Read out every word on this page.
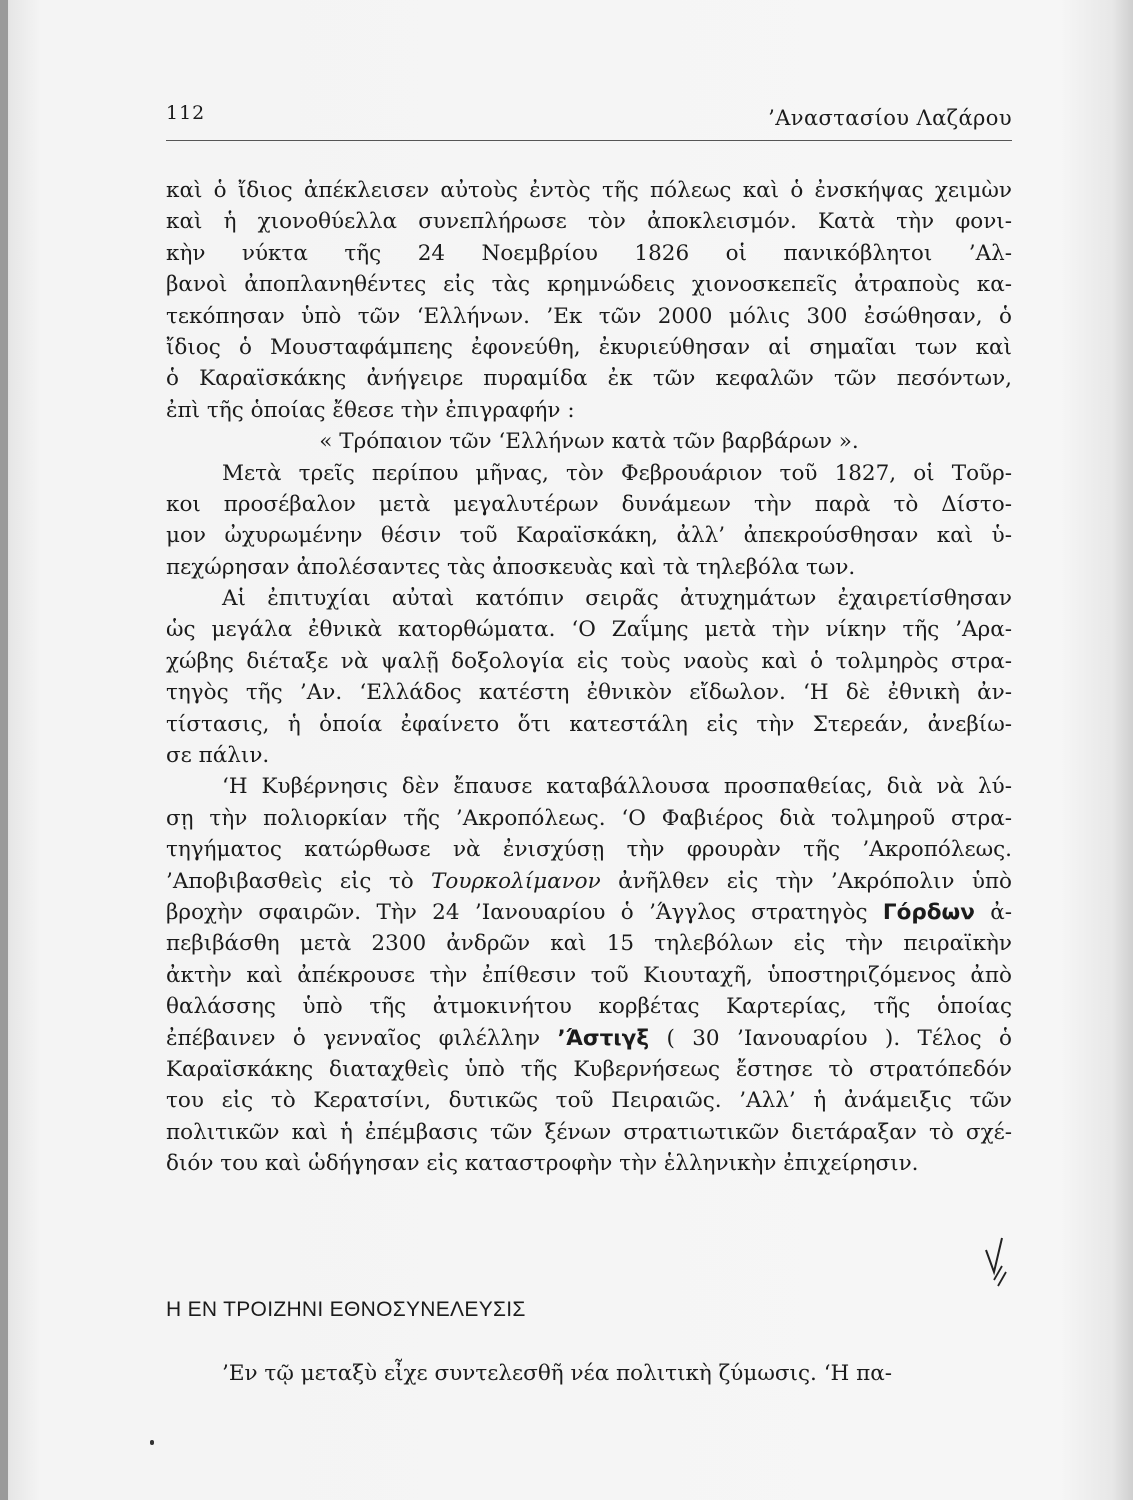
112	’Αναστασίου Λαζάρου
καὶ ὁ ἴδιος ἀπέκλεισεν αὐτοὺς ἐντὸς τῆς πόλεως καὶ ὁ ἐνσκήψας χειμὼν
καὶ ἡ χιονοθύελλα συνεπλήρωσε τὸν ἀποκλεισμόν. Κατὰ τὴν φονι-
κὴν νύκτα τῆς 24 Νοεμβρίου 1826 οἱ πανικόβλητοι ’Αλ-
βανοὶ ἀποπλανηθέντες εἰς τὰς κρημνώδεις χιονοσκεπεῖς ἀτραποὺς κα-
τεκόπησαν ὑπὸ τῶν ‘Ελλήνων. ’Εκ τῶν 2000 μόλις 300 ἐσώθησαν, ὁ
ἴδιος ὁ Μουσταφάμπεης ἐφονεύθη, ἐκυριεύθησαν αἱ σημαῖαι των καὶ
ὁ Καραϊσκάκης ἀνήγειρε πυραμίδα ἐκ τῶν κεφαλῶν τῶν πεσόντων,
ἐπὶ τῆς ὁποίας ἔθεσε τὴν ἐπιγραφήν :
« Τρόπαιον τῶν ‘Ελλήνων κατὰ τῶν βαρβάρων ».
Μετὰ τρεῖς περίπου μῆνας, τὸν Φεβρουάριον τοῦ 1827, οἱ Τοῦρ-
κοι προσέβαλον μετὰ μεγαλυτέρων δυνάμεων τὴν παρὰ τὸ Δίστο-
μον ὠχυρωμένην θέσιν τοῦ Καραϊσκάκη, ἀλλ’ ἀπεκρούσθησαν καὶ ὑ-
πεχώρησαν ἀπολέσαντες τὰς ἀποσκευὰς καὶ τὰ τηλεβόλα των.
Αἱ ἐπιτυχίαι αὐταὶ κατόπιν σειρᾶς ἀτυχημάτων ἐχαιρετίσθησαν
ὡς μεγάλα ἐθνικὰ κατορθώματα. ‘Ο Ζαΐμης μετὰ τὴν νίκην τῆς ’Αρα-
χώβης διέταξε νὰ ψαλῇ δοξολογία εἰς τοὺς ναοὺς καὶ ὁ τολμηρὸς στρα-
τηγὸς τῆς ’Αν. ‘Ελλάδος κατέστη ἐθνικὸν εἴδωλον. ‘Η δὲ ἐθνικὴ ἀν-
τίστασις, ἡ ὁποία ἐφαίνετο ὅτι κατεστάλη εἰς τὴν Στερεάν, ἀνεβίω-
σε πάλιν.
‘Η Κυβέρνησις δὲν ἔπαυσε καταβάλλουσα προσπαθείας, διὰ νὰ λύ-
σῃ τὴν πολιορκίαν τῆς ’Ακροπόλεως. ‘Ο Φαβιέρος διὰ τολμηροῦ στρα-
τηγήματος κατώρθωσε νὰ ἐνισχύσῃ τὴν φρουρὰν τῆς ’Ακροπόλεως.
’Αποβιβασθεὶς εἰς τὸ Τουρκολίμανον ἀνῆλθεν εἰς τὴν ’Ακρόπολιν ὑπὸ
βροχὴν σφαιρῶν. Τὴν 24 ’Ιανουαρίου ὁ ’Άγγλος στρατηγὸς Γόρδων ἀ-
πεβιβάσθη μετὰ 2300 ἀνδρῶν καὶ 15 τηλεβόλων εἰς τὴν πειραϊκὴν
ἀκτὴν καὶ ἀπέκρουσε τὴν ἐπίθεσιν τοῦ Κιουταχῆ, ὑποστηριζόμενος ἀπὸ
θαλάσσης ὑπὸ τῆς ἀτμοκινήτου κορβέτας Καρτερίας, τῆς ὁποίας
ἐπέβαινεν ὁ γενναῖος φιλέλλην ’Άστιγξ ( 30 ’Ιανουαρίου ). Τέλος ὁ
Καραϊσκάκης διαταχθεὶς ὑπὸ τῆς Κυβερνήσεως ἔστησε τὸ στρατόπεδόν
του εἰς τὸ Κερατσίνι, δυτικῶς τοῦ Πειραιῶς. ’Αλλ’ ἡ ἀνάμειξις τῶν
πολιτικῶν καὶ ἡ ἐπέμβασις τῶν ξένων στρατιωτικῶν διετάραξαν τὸ σχέ-
διόν του καὶ ὡδήγησαν εἰς καταστροφὴν τὴν ἑλληνικὴν ἐπιχείρησιν.
Η ΕΝ ΤΡΟΙΖΗΝΙ ΕΘΝΟΣΥΝΕΛΕΥΣΙΣ
’Εν τῷ μεταξὺ εἶχε συντελεσθῆ νέα πολιτικὴ ζύμωσις. ‘Η πα-
